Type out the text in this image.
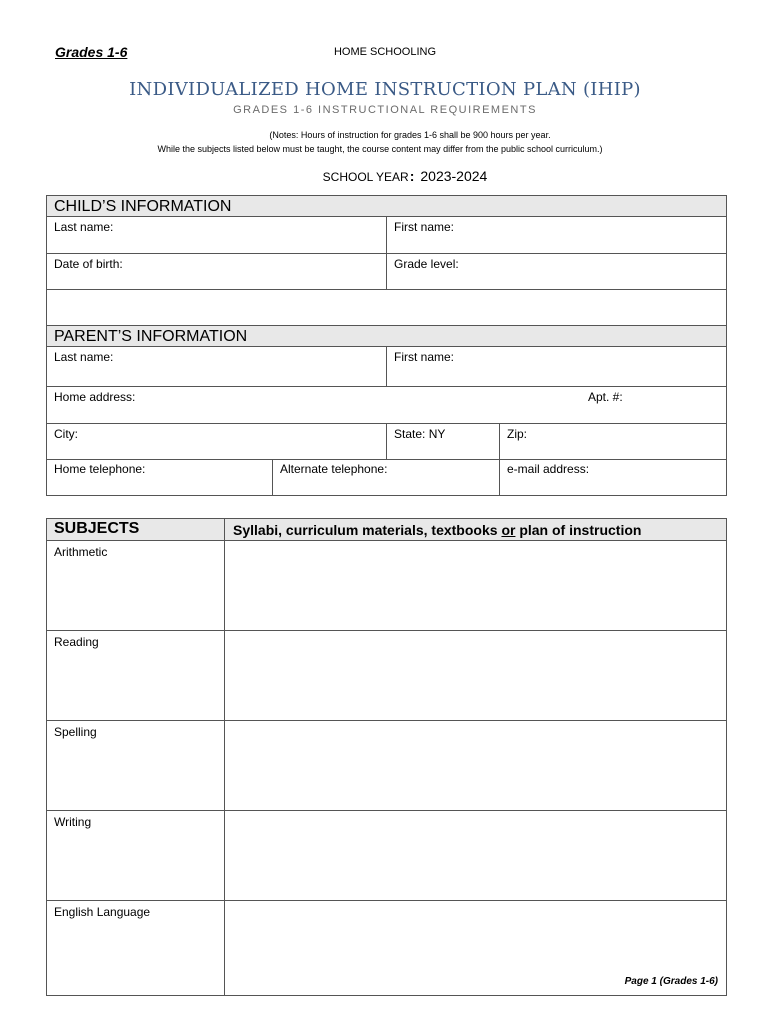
Grades 1-6	HOME SCHOOLING
INDIVIDUALIZED HOME INSTRUCTION PLAN (IHIP)
GRADES 1-6 INSTRUCTIONAL REQUIREMENTS
(Notes: Hours of instruction for grades 1-6 shall be 900 hours per year.
While the subjects listed below must be taught, the course content may differ from the public school curriculum.)
SCHOOL YEAR: 2023-2024
CHILD’S INFORMATION
Last name:	First name:
Date of birth:	Grade level:
PARENT’S INFORMATION
Last name:	First name:
Home address:	Apt. #:
City:	State: NY	Zip:
Home telephone:	Alternate telephone:	e-mail address:
SUBJECTS	Syllabi, curriculum materials, textbooks or plan of instruction
Arithmetic
Reading
Spelling
Writing
English Language
Page 1 (Grades 1-6)
